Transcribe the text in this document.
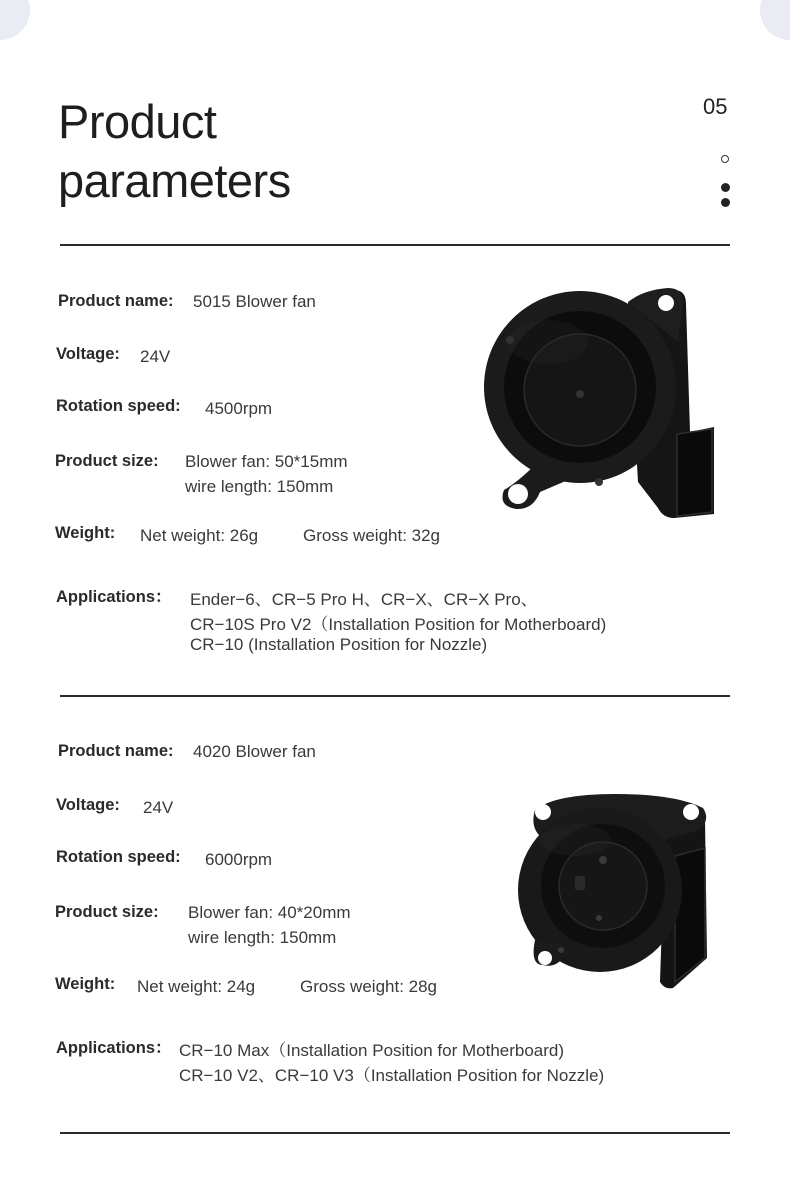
Product
parameters
05
Product name: 5015 Blower fan
Voltage: 24V
Rotation speed: 4500rpm
Product size: Blower fan: 50*15mm
wire length: 150mm
Weight: Net weight: 26g	Gross weight: 32g
Applications： Ender−6、CR−5 Pro H、CR−X、CR−X Pro、
CR−10S Pro V2（Installation Position for Motherboard)
CR−10 (Installation Position for Nozzle)
Product name: 4020 Blower fan
Voltage: 24V
Rotation speed: 6000rpm
Product size: Blower fan: 40*20mm
wire length: 150mm
Weight: Net weight: 24g	Gross weight: 28g
Applications： CR−10 Max（Installation Position for Motherboard)
CR−10 V2、CR−10 V3（Installation Position for Nozzle)
